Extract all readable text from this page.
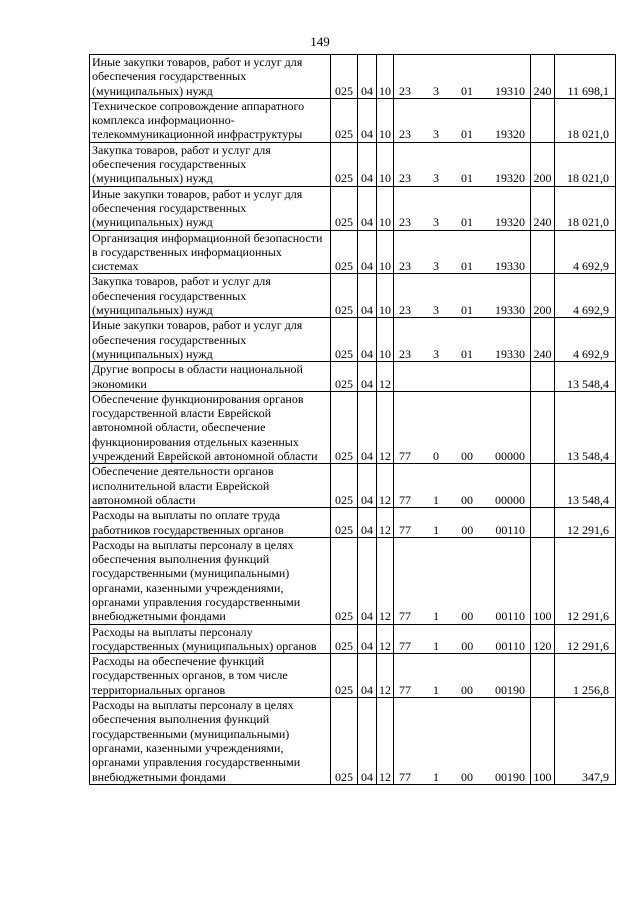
149
Иные закупки товаров, работ и услуг для обеспечения государственных (муниципальных) нужд	025	04	10	23 3 01 19310	240	11 698,1
Техническое сопровождение аппаратного комплекса информационно-телекоммуникационной инфраструктуры	025	04	10	23 3 01 19320		18 021,0
Закупка товаров, работ и услуг для обеспечения государственных (муниципальных) нужд	025	04	10	23 3 01 19320	200	18 021,0
Иные закупки товаров, работ и услуг для обеспечения государственных (муниципальных) нужд	025	04	10	23 3 01 19320	240	18 021,0
Организация информационной безопасности в государственных информационных системах	025	04	10	23 3 01 19330		4 692,9
Закупка товаров, работ и услуг для обеспечения государственных (муниципальных) нужд	025	04	10	23 3 01 19330	200	4 692,9
Иные закупки товаров, работ и услуг для обеспечения государственных (муниципальных) нужд	025	04	10	23 3 01 19330	240	4 692,9
Другие вопросы в области национальной экономики	025	04	12			13 548,4
Обеспечение функционирования органов государственной власти Еврейской автономной области, обеспечение функционирования отдельных казенных учреждений Еврейской автономной области	025	04	12	77 0 00 00000		13 548,4
Обеспечение деятельности органов исполнительной власти Еврейской автономной области	025	04	12	77 1 00 00000		13 548,4
Расходы на выплаты по оплате труда работников государственных органов	025	04	12	77 1 00 00110		12 291,6
Расходы на выплаты персоналу в целях обеспечения выполнения функций государственными (муниципальными) органами, казенными учреждениями, органами управления государственными внебюджетными фондами	025	04	12	77 1 00 00110	100	12 291,6
Расходы на выплаты персоналу государственных (муниципальных) органов	025	04	12	77 1 00 00110	120	12 291,6
Расходы на обеспечение функций государственных органов, в том числе территориальных органов	025	04	12	77 1 00 00190		1 256,8
Расходы на выплаты персоналу в целях обеспечения выполнения функций государственными (муниципальными) органами, казенными учреждениями, органами управления государственными внебюджетными фондами	025	04	12	77 1 00 00190	100	347,9
